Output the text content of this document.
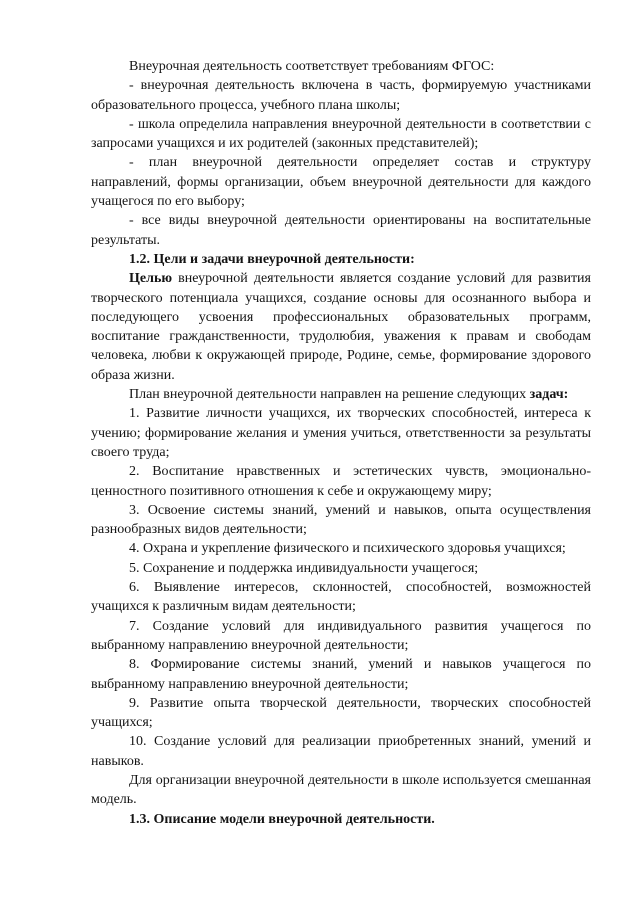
Внеурочная деятельность соответствует требованиям ФГОС:

- внеурочная деятельность включена в часть, формируемую участниками образовательного процесса, учебного плана школы;

- школа определила направления внеурочной деятельности в соответствии с запросами учащихся и их родителей (законных представителей);

- план внеурочной деятельности определяет состав и структуру направлений, формы организации, объем внеурочной деятельности для каждого учащегося по его выбору;

- все виды внеурочной деятельности ориентированы на воспитательные результаты.

1.2. Цели и задачи внеурочной деятельности:

Целью внеурочной деятельности является создание условий для развития творческого потенциала учащихся, создание основы для осознанного выбора и последующего усвоения профессиональных образовательных программ, воспитание гражданственности, трудолюбия, уважения к правам и свободам человека, любви к окружающей природе, Родине, семье, формирование здорового образа жизни.

План внеурочной деятельности направлен на решение следующих задач:

1. Развитие личности учащихся, их творческих способностей, интереса к учению; формирование желания и умения учиться, ответственности за результаты своего труда;

2. Воспитание нравственных и эстетических чувств, эмоционально-ценностного позитивного отношения к себе и окружающему миру;

3. Освоение системы знаний, умений и навыков, опыта осуществления разнообразных видов деятельности;

4. Охрана и укрепление физического и психического здоровья учащихся;

5. Сохранение и поддержка индивидуальности учащегося;

6. Выявление интересов, склонностей, способностей, возможностей учащихся к различным видам деятельности;

7. Создание условий для индивидуального развития учащегося по выбранному направлению внеурочной деятельности;

8. Формирование системы знаний, умений и навыков учащегося по выбранному направлению внеурочной деятельности;

9. Развитие опыта творческой деятельности, творческих способностей учащихся;

10. Создание условий для реализации приобретенных знаний, умений и навыков.

Для организации внеурочной деятельности в школе используется смешанная модель.

1.3. Описание модели внеурочной деятельности.
